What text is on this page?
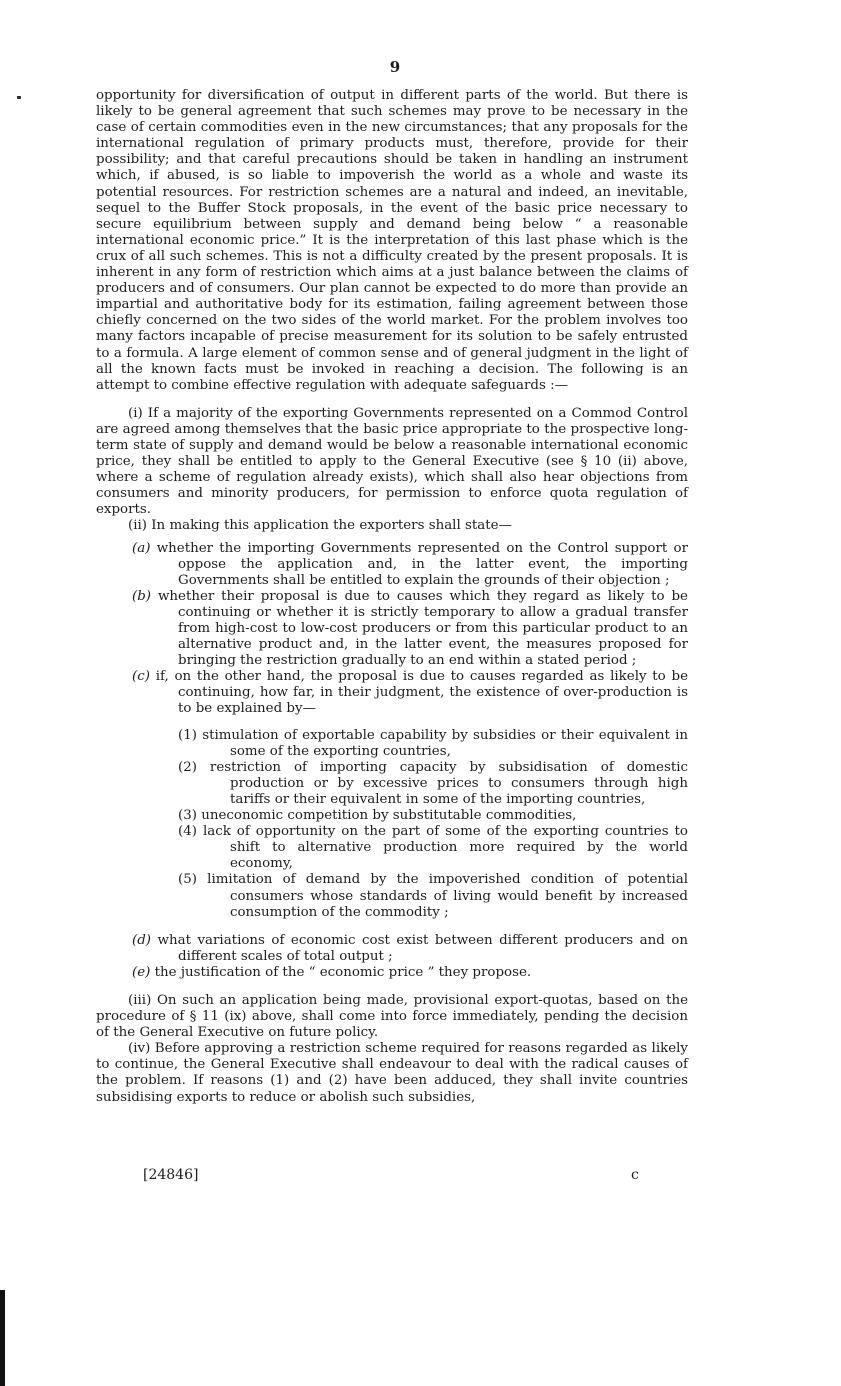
9

opportunity for diversification of output in different parts of the world. But there is likely to be general agreement that such schemes may prove to be necessary in the case of certain commodities even in the new circumstances; that any proposals for the international regulation of primary products must, therefore, provide for their possibility; and that careful precautions should be taken in handling an instrument which, if abused, is so liable to impoverish the world as a whole and waste its potential resources. For restriction schemes are a natural and indeed, an inevitable, sequel to the Buffer Stock proposals, in the event of the basic price necessary to secure equilibrium between supply and demand being below “ a reasonable international economic price.” It is the interpretation of this last phase which is the crux of all such schemes. This is not a difficulty created by the present proposals. It is inherent in any form of restriction which aims at a just balance between the claims of producers and of consumers. Our plan cannot be expected to do more than provide an impartial and authoritative body for its estimation, failing agreement between those chiefly concerned on the two sides of the world market. For the problem involves too many factors incapable of precise measurement for its solution to be safely entrusted to a formula. A large element of common sense and of general judgment in the light of all the known facts must be invoked in reaching a decision. The following is an attempt to combine effective regulation with adequate safeguards :—

(i) If a majority of the exporting Governments represented on a Commod Control are agreed among themselves that the basic price appropriate to the prospective long-term state of supply and demand would be below a reasonable international economic price, they shall be entitled to apply to the General Executive (see § 10 (ii) above, where a scheme of regulation already exists), which shall also hear objections from consumers and minority producers, for permission to enforce quota regulation of exports.

(ii) In making this application the exporters shall state—

(a) whether the importing Governments represented on the Control support or oppose the application and, in the latter event, the importing Governments shall be entitled to explain the grounds of their objection ;

(b) whether their proposal is due to causes which they regard as likely to be continuing or whether it is strictly temporary to allow a gradual transfer from high-cost to low-cost producers or from this particular product to an alternative product and, in the latter event, the measures proposed for bringing the restriction gradually to an end within a stated period ;

(c) if, on the other hand, the proposal is due to causes regarded as likely to be continuing, how far, in their judgment, the existence of over-production is to be explained by—

(1) stimulation of exportable capability by subsidies or their equivalent in some of the exporting countries,

(2) restriction of importing capacity by subsidisation of domestic production or by excessive prices to consumers through high tariffs or their equivalent in some of the importing countries,

(3) uneconomic competition by substitutable commodities,

(4) lack of opportunity on the part of some of the exporting countries to shift to alternative production more required by the world economy,

(5) limitation of demand by the impoverished condition of potential consumers whose standards of living would benefit by increased consumption of the commodity ;

(d) what variations of economic cost exist between different producers and on different scales of total output ;

(e) the justification of the “ economic price ” they propose.

(iii) On such an application being made, provisional export-quotas, based on the procedure of § 11 (ix) above, shall come into force immediately, pending the decision of the General Executive on future policy.

(iv) Before approving a restriction scheme required for reasons regarded as likely to continue, the General Executive shall endeavour to deal with the radical causes of the problem. If reasons (1) and (2) have been adduced, they shall invite countries subsidising exports to reduce or abolish such subsidies,

[24846]	c
